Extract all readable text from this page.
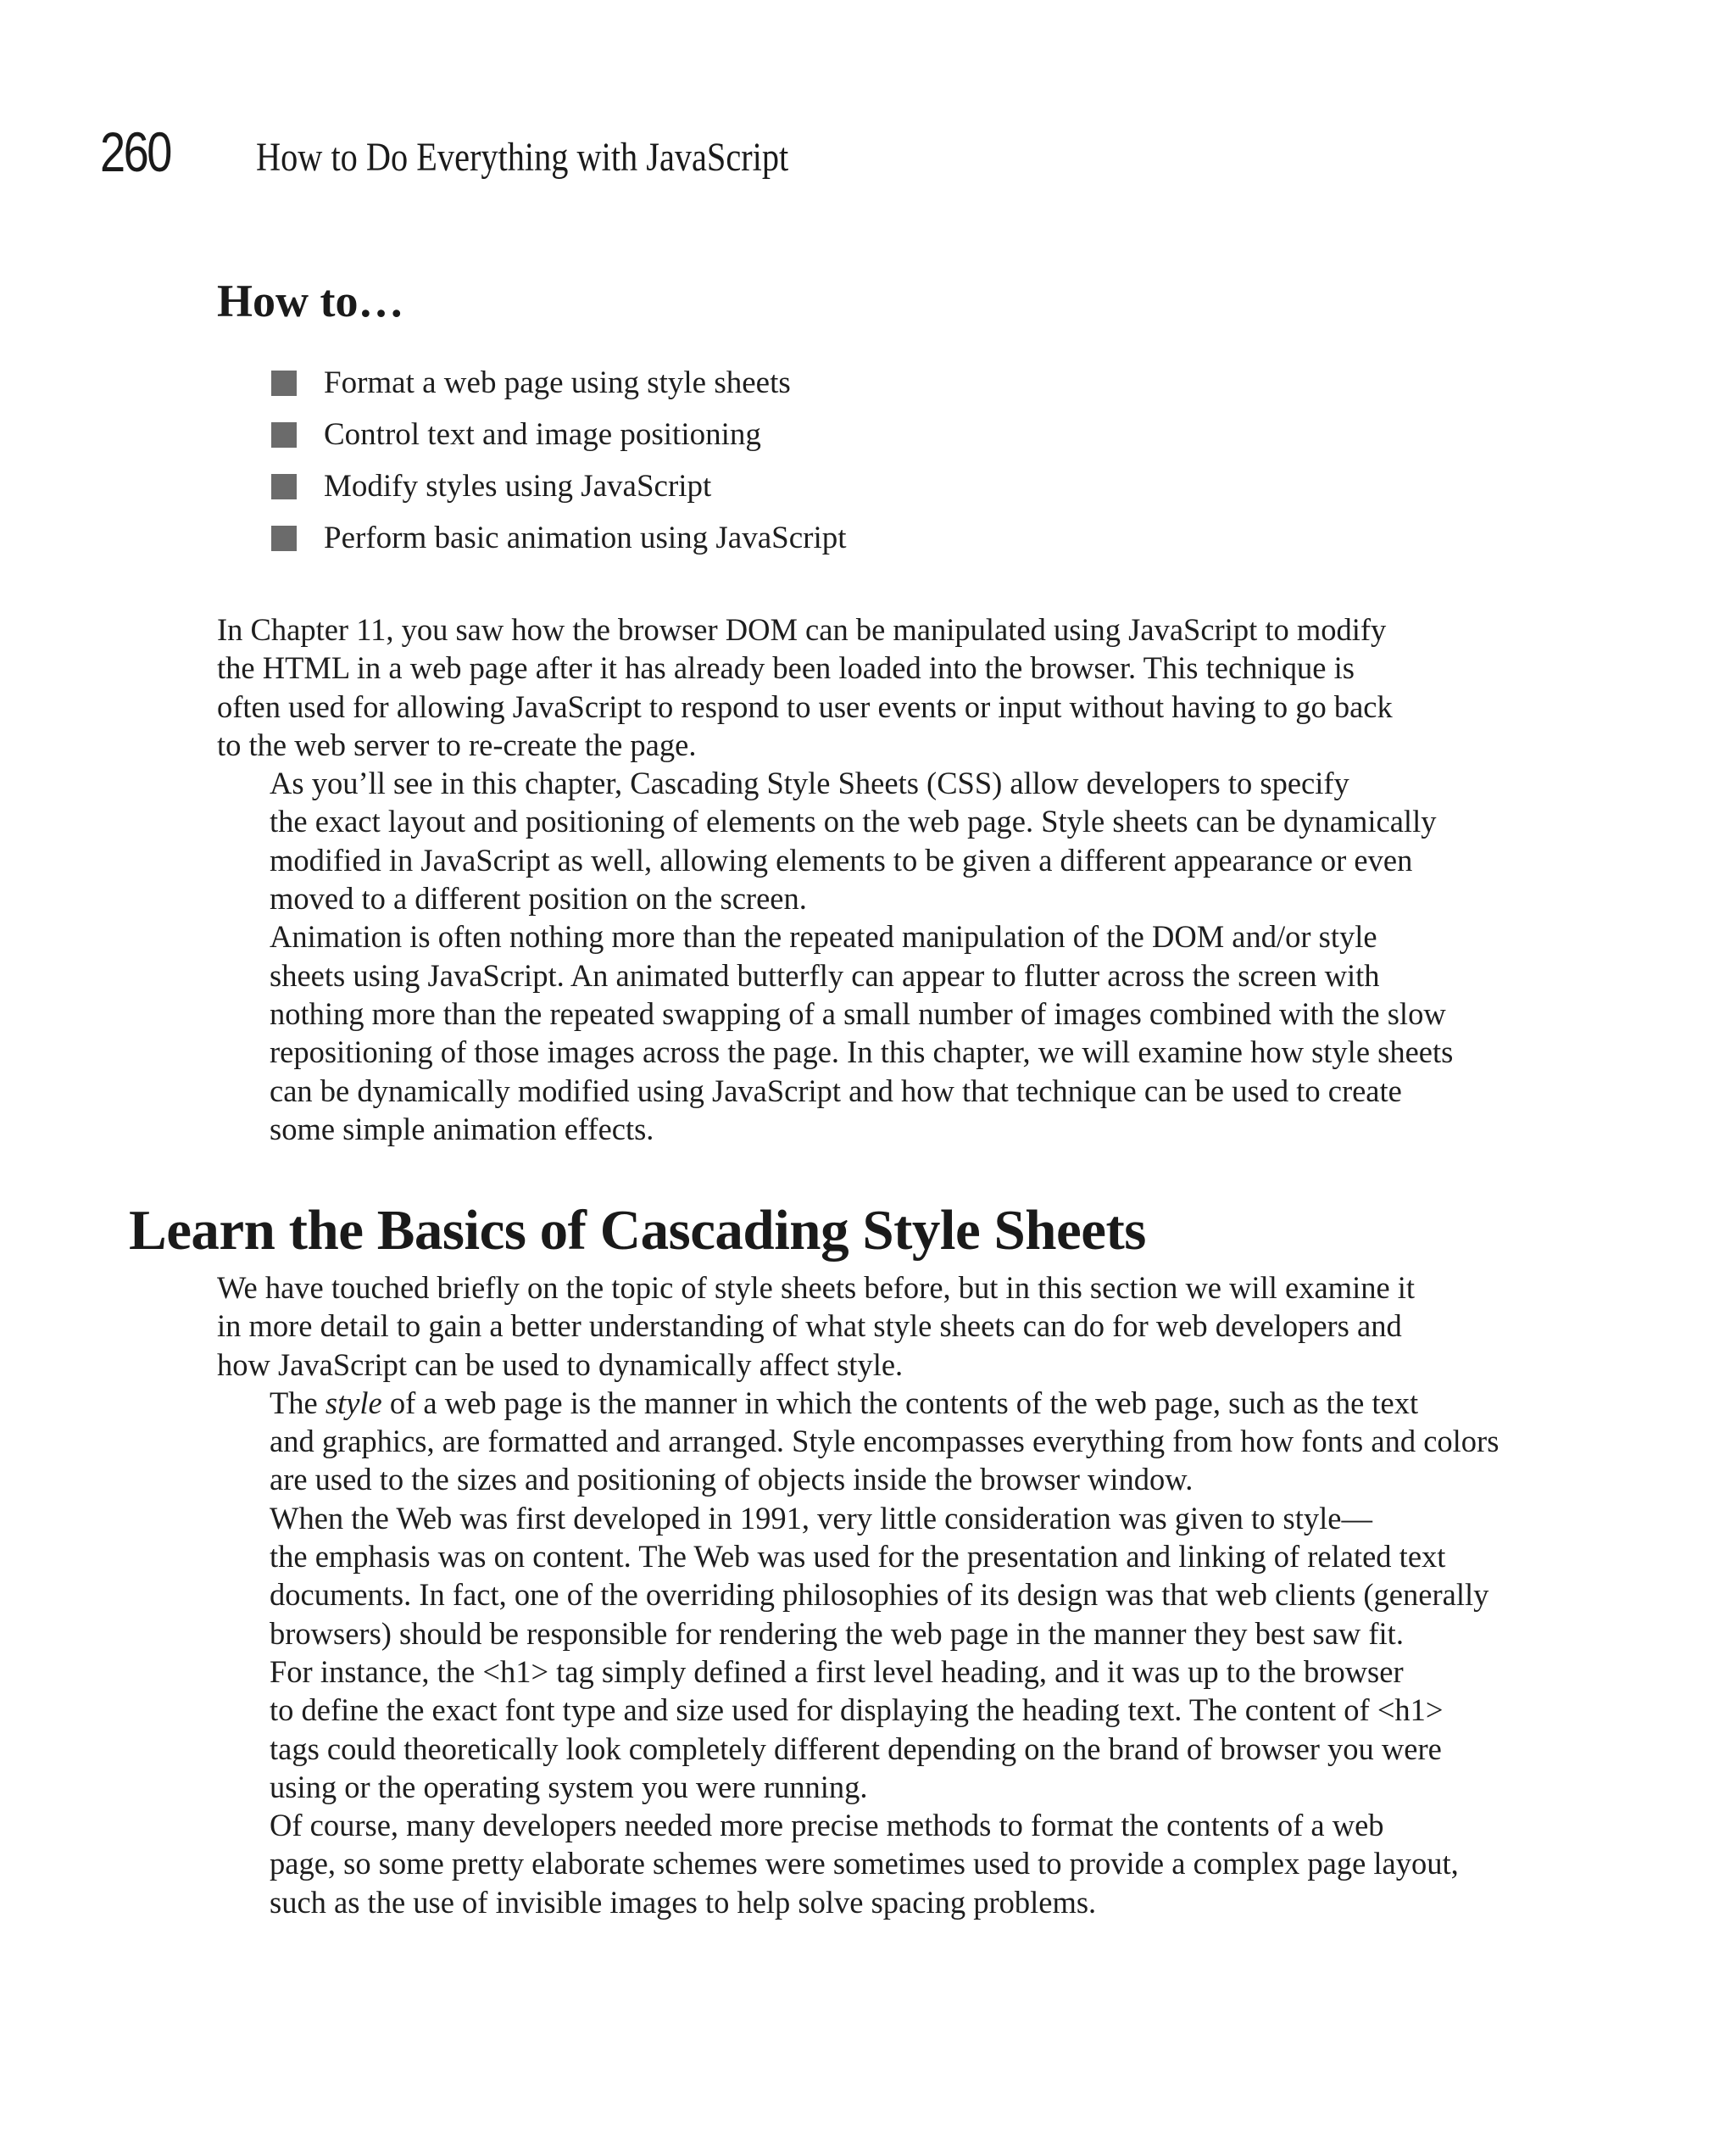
260 How to Do Everything with JavaScript
How to…
Format a web page using style sheets
Control text and image positioning
Modify styles using JavaScript
Perform basic animation using JavaScript

In Chapter 11, you saw how the browser DOM can be manipulated using JavaScript to modify
the HTML in a web page after it has already been loaded into the browser. This technique is
often used for allowing JavaScript to respond to user events or input without having to go back
to the web server to re-create the page.

As you’ll see in this chapter, Cascading Style Sheets (CSS) allow developers to specify
the exact layout and positioning of elements on the web page. Style sheets can be dynamically
modified in JavaScript as well, allowing elements to be given a different appearance or even
moved to a different position on the screen.

Animation is often nothing more than the repeated manipulation of the DOM and/or style
sheets using JavaScript. An animated butterfly can appear to flutter across the screen with
nothing more than the repeated swapping of a small number of images combined with the slow
repositioning of those images across the page. In this chapter, we will examine how style sheets
can be dynamically modified using JavaScript and how that technique can be used to create
some simple animation effects.

Learn the Basics of Cascading Style Sheets

We have touched briefly on the topic of style sheets before, but in this section we will examine it
in more detail to gain a better understanding of what style sheets can do for web developers and
how JavaScript can be used to dynamically affect style.

The style of a web page is the manner in which the contents of the web page, such as the text
and graphics, are formatted and arranged. Style encompasses everything from how fonts and colors
are used to the sizes and positioning of objects inside the browser window.

When the Web was first developed in 1991, very little consideration was given to style—
the emphasis was on content. The Web was used for the presentation and linking of related text
documents. In fact, one of the overriding philosophies of its design was that web clients (generally
browsers) should be responsible for rendering the web page in the manner they best saw fit.

For instance, the <h1> tag simply defined a first level heading, and it was up to the browser
to define the exact font type and size used for displaying the heading text. The content of <h1>
tags could theoretically look completely different depending on the brand of browser you were
using or the operating system you were running.

Of course, many developers needed more precise methods to format the contents of a web
page, so some pretty elaborate schemes were sometimes used to provide a complex page layout,
such as the use of invisible images to help solve spacing problems.
